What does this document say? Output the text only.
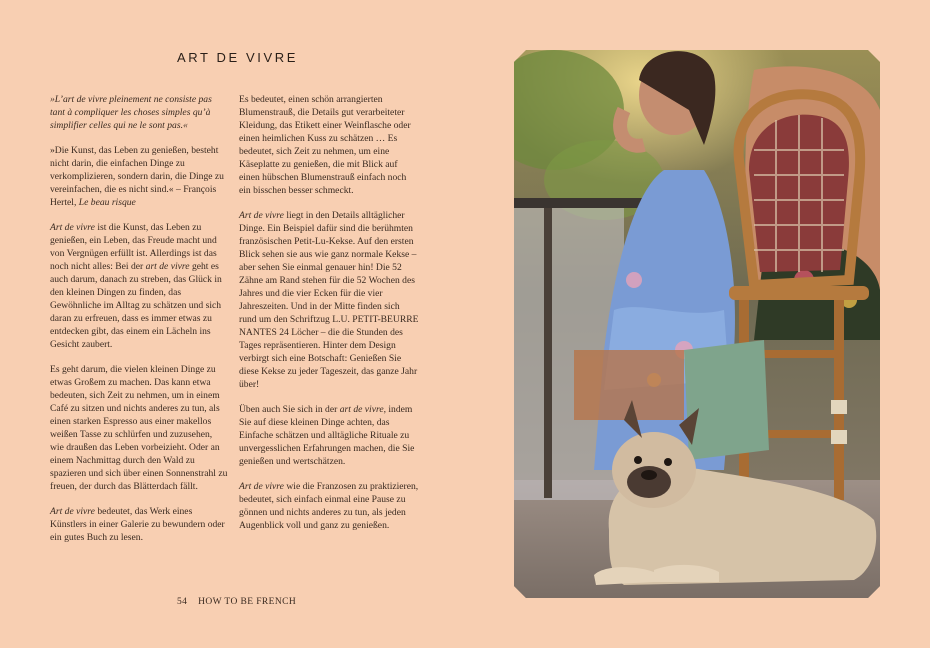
ART DE VIVRE

»L’art de vivre pleinement ne consiste pas tant à compliquer les choses simples qu’à simplifier celles qui ne le sont pas.«

»Die Kunst, das Leben zu genießen, besteht nicht darin, die einfachen Dinge zu verkomplizieren, sondern darin, die Dinge zu vereinfachen, die es nicht sind.« – François Hertel, Le beau risque

Art de vivre ist die Kunst, das Leben zu genießen, ein Leben, das Freude macht und von Vergnügen erfüllt ist. Allerdings ist das noch nicht alles: Bei der art de vivre geht es auch darum, danach zu streben, das Glück in den kleinen Dingen zu finden, das Gewöhnliche im Alltag zu schätzen und sich daran zu erfreuen, dass es immer etwas zu entdecken gibt, das einem ein Lächeln ins Gesicht zaubert.

Es geht darum, die vielen kleinen Dinge zu etwas Großem zu machen. Das kann etwa bedeuten, sich Zeit zu nehmen, um in einem Café zu sitzen und nichts anderes zu tun, als einen starken Espresso aus einer makellos weißen Tasse zu schlürfen und zuzusehen, wie draußen das Leben vorbeizieht. Oder an einem Nachmittag durch den Wald zu spazieren und sich über einen Sonnenstrahl zu freuen, der durch das Blätterdach fällt.

Art de vivre bedeutet, das Werk eines Künstlers in einer Galerie zu bewundern oder ein gutes Buch zu lesen.

Es bedeutet, einen schön arrangierten Blumenstrauß, die Details gut verarbeiteter Kleidung, das Etikett einer Weinflasche oder einen heimlichen Kuss zu schätzen … Es bedeutet, sich Zeit zu nehmen, um eine Käseplatte zu genießen, die mit Blick auf einen hübschen Blumenstrauß einfach noch ein bisschen besser schmeckt.

Art de vivre liegt in den Details alltäglicher Dinge. Ein Beispiel dafür sind die berühmten französischen Petit-Lu-Kekse. Auf den ersten Blick sehen sie aus wie ganz normale Kekse – aber sehen Sie einmal genauer hin! Die 52 Zähne am Rand stehen für die 52 Wochen des Jahres und die vier Ecken für die vier Jahreszeiten. Und in der Mitte finden sich rund um den Schriftzug L.U. PETIT-BEURRE NANTES 24 Löcher – die die Stunden des Tages repräsentieren. Hinter dem Design verbirgt sich eine Botschaft: Genießen Sie diese Kekse zu jeder Tageszeit, das ganze Jahr über!

Üben auch Sie sich in der art de vivre, indem Sie auf diese kleinen Dinge achten, das Einfache schätzen und alltägliche Rituale zu unvergesslichen Erfahrungen machen, die Sie genießen und wertschätzen.

Art de vivre wie die Franzosen zu praktizieren, bedeutet, sich einfach einmal eine Pause zu gönnen und nichts anderes zu tun, als jeden Augenblick voll und ganz zu genießen.

54 HOW TO BE FRENCH
